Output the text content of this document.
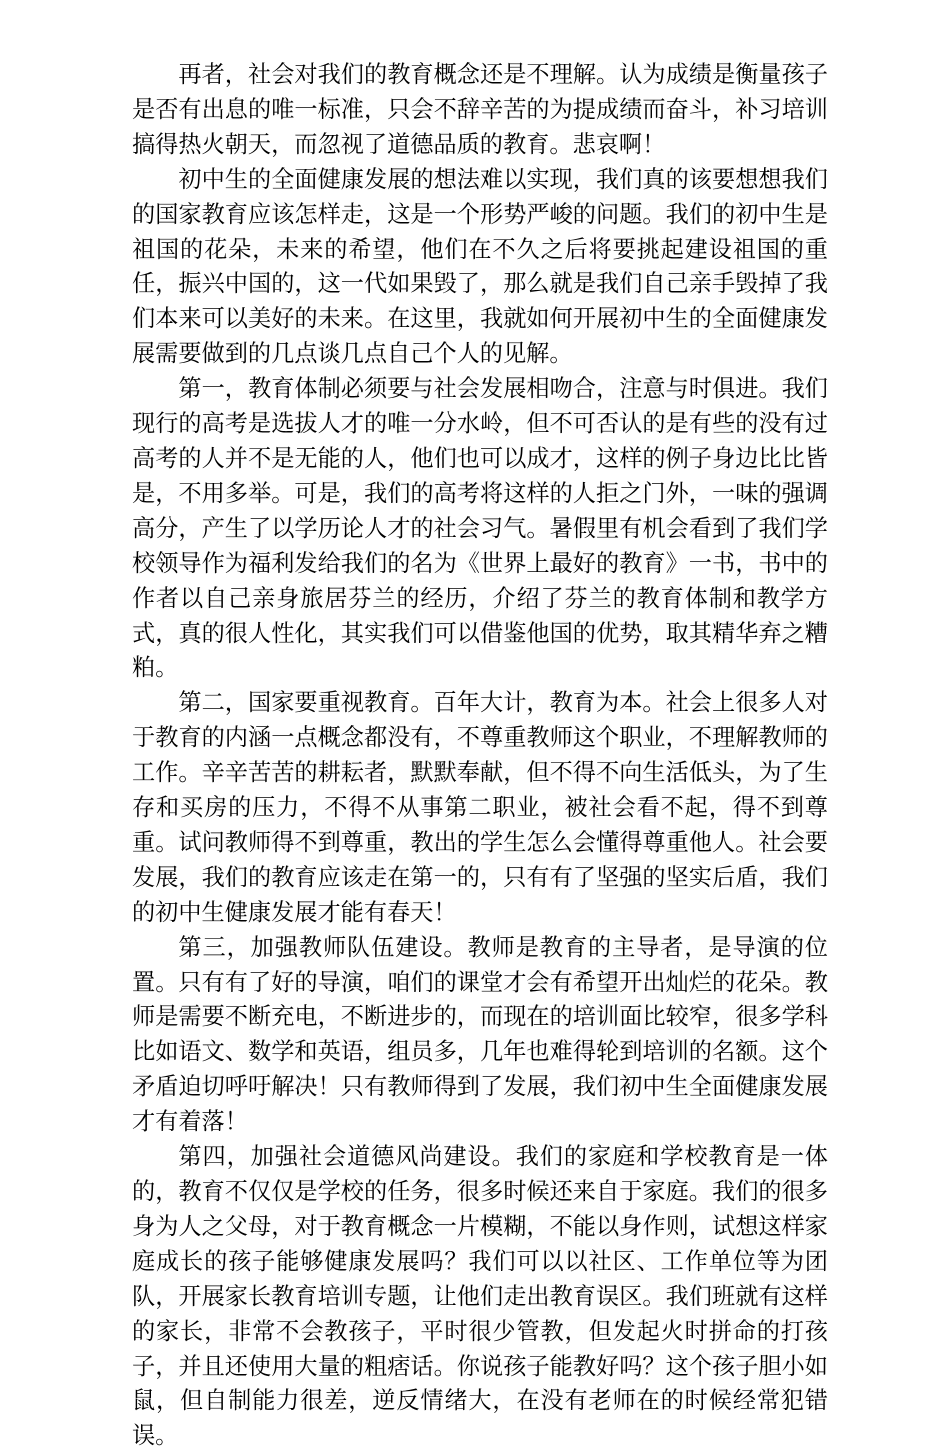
再者，社会对我们的教育概念还是不理解。认为成绩是衡量孩子是否有出息的唯一标准，只会不辞辛苦的为提成绩而奋斗，补习培训搞得热火朝天，而忽视了道德品质的教育。悲哀啊！

初中生的全面健康发展的想法难以实现，我们真的该要想想我们的国家教育应该怎样走，这是一个形势严峻的问题。我们的初中生是祖国的花朵，未来的希望，他们在不久之后将要挑起建设祖国的重任，振兴中国的，这一代如果毁了，那么就是我们自己亲手毁掉了我们本来可以美好的未来。在这里，我就如何开展初中生的全面健康发展需要做到的几点谈几点自己个人的见解。

第一，教育体制必须要与社会发展相吻合，注意与时俱进。我们现行的高考是选拔人才的唯一分水岭，但不可否认的是有些的没有过高考的人并不是无能的人，他们也可以成才，这样的例子身边比比皆是，不用多举。可是，我们的高考将这样的人拒之门外，一味的强调高分，产生了以学历论人才的社会习气。暑假里有机会看到了我们学校领导作为福利发给我们的名为《世界上最好的教育》一书，书中的作者以自己亲身旅居芬兰的经历，介绍了芬兰的教育体制和教学方式，真的很人性化，其实我们可以借鉴他国的优势，取其精华弃之糟粕。

第二，国家要重视教育。百年大计，教育为本。社会上很多人对于教育的内涵一点概念都没有，不尊重教师这个职业，不理解教师的工作。辛辛苦苦的耕耘者，默默奉献，但不得不向生活低头，为了生存和买房的压力，不得不从事第二职业，被社会看不起，得不到尊重。试问教师得不到尊重，教出的学生怎么会懂得尊重他人。社会要发展，我们的教育应该走在第一的，只有有了坚强的坚实后盾，我们的初中生健康发展才能有春天！

第三，加强教师队伍建设。教师是教育的主导者，是导演的位置。只有有了好的导演，咱们的课堂才会有希望开出灿烂的花朵。教师是需要不断充电，不断进步的，而现在的培训面比较窄，很多学科比如语文、数学和英语，组员多，几年也难得轮到培训的名额。这个矛盾迫切呼吁解决！只有教师得到了发展，我们初中生全面健康发展才有着落！

第四，加强社会道德风尚建设。我们的家庭和学校教育是一体的，教育不仅仅是学校的任务，很多时候还来自于家庭。我们的很多身为人之父母，对于教育概念一片模糊，不能以身作则，试想这样家庭成长的孩子能够健康发展吗？我们可以以社区、工作单位等为团队，开展家长教育培训专题，让他们走出教育误区。我们班就有这样的家长，非常不会教孩子，平时很少管教，但发起火时拼命的打孩子，并且还使用大量的粗痞话。你说孩子能教好吗？这个孩子胆小如鼠，但自制能力很差，逆反情绪大，在没有老师在的时候经常犯错误。
